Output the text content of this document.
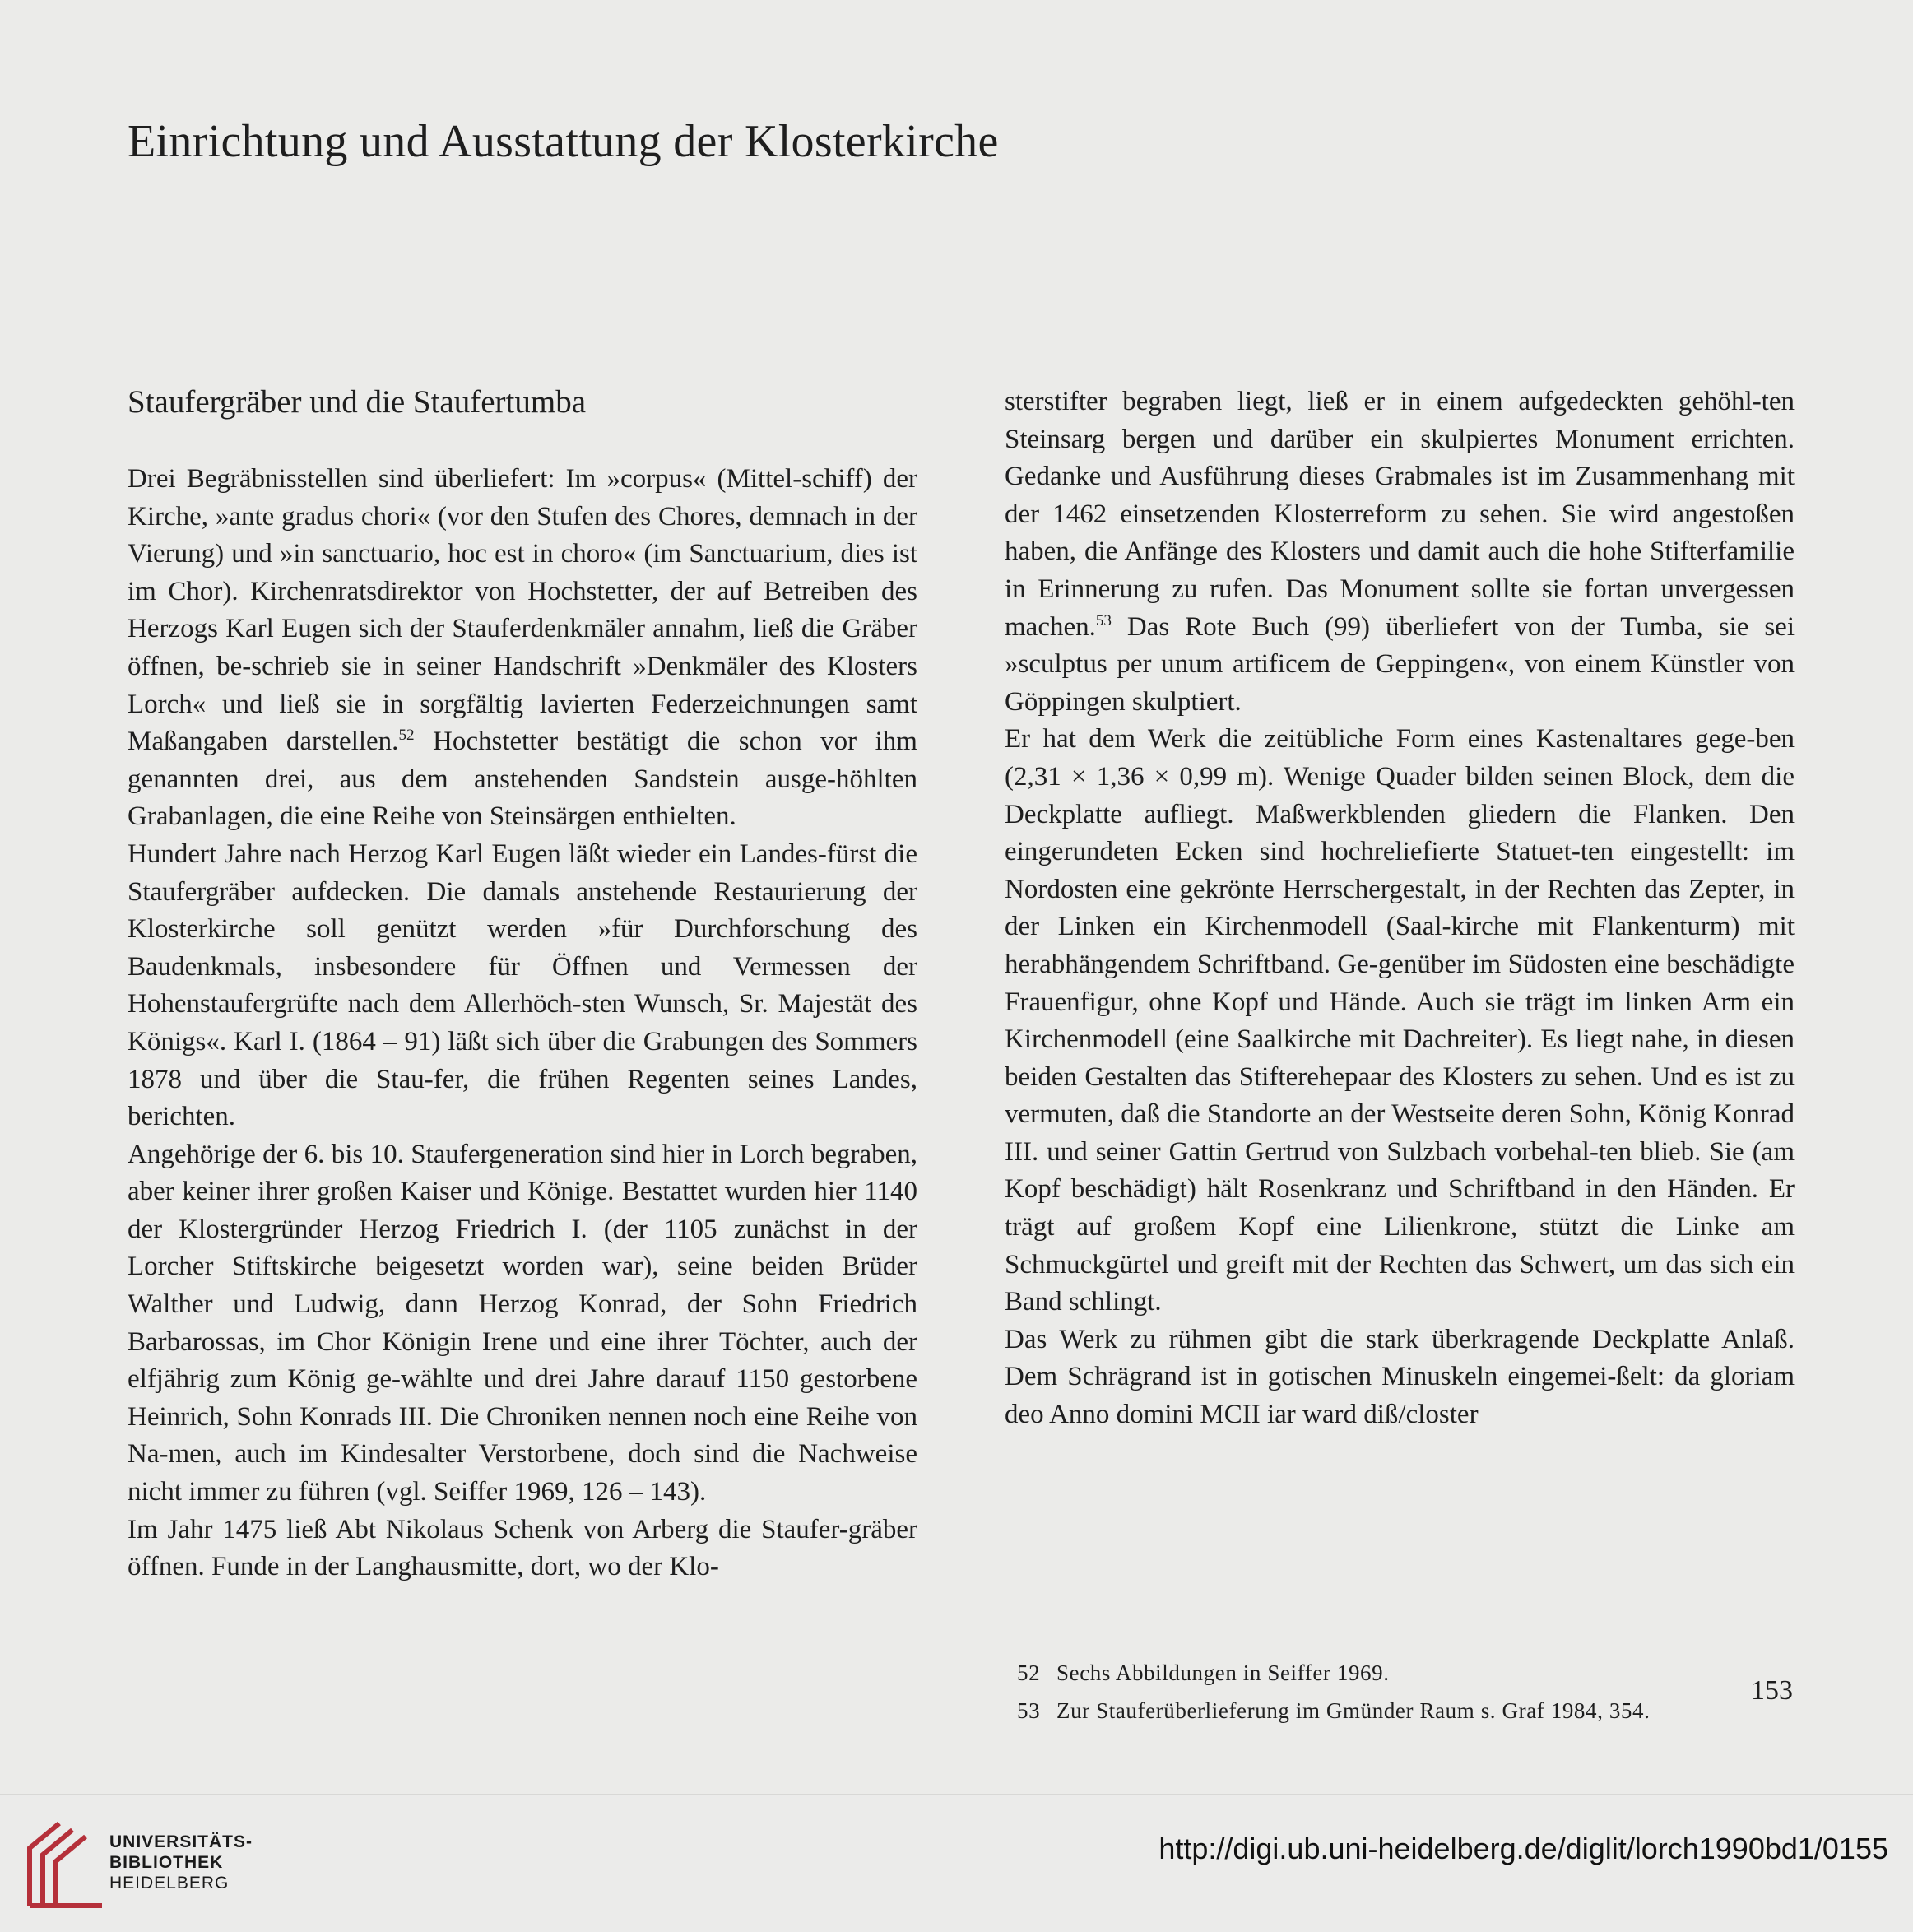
Einrichtung und Ausstattung der Klosterkirche
Staufergräber und die Staufertumba

Drei Begräbnisstellen sind überliefert: Im »corpus« (Mittel-schiff) der Kirche, »ante gradus chori« (vor den Stufen des Chores, demnach in der Vierung) und »in sanctuario, hoc est in choro« (im Sanctuarium, dies ist im Chor). Kirchenratsdirektor von Hochstetter, der auf Betreiben des Herzogs Karl Eugen sich der Stauferdenkmäler annahm, ließ die Gräber öffnen, be-schrieb sie in seiner Handschrift »Denkmäler des Klosters Lorch« und ließ sie in sorgfältig lavierten Federzeichnungen samt Maßangaben darstellen.$^{52}$ Hochstetter bestätigt die schon vor ihm genannten drei, aus dem anstehenden Sandstein ausge-höhlten Grabanlagen, die eine Reihe von Steinsärgen enthielten.

Hundert Jahre nach Herzog Karl Eugen läßt wieder ein Landes-fürst die Staufergräber aufdecken. Die damals anstehende Restaurierung der Klosterkirche soll genützt werden »für Durchforschung des Baudenkmals, insbesondere für Öffnen und Vermessen der Hohenstaufergrüfte nach dem Allerhöch-sten Wunsch, Sr. Majestät des Königs«. Karl I. (1864 – 91) läßt sich über die Grabungen des Sommers 1878 und über die Stau-fer, die frühen Regenten seines Landes, berichten.

Angehörige der 6. bis 10. Staufergeneration sind hier in Lorch begraben, aber keiner ihrer großen Kaiser und Könige. Bestattet wurden hier 1140 der Klostergründer Herzog Friedrich I. (der 1105 zunächst in der Lorcher Stiftskirche beigesetzt worden war), seine beiden Brüder Walther und Ludwig, dann Herzog Konrad, der Sohn Friedrich Barbarossas, im Chor Königin Irene und eine ihrer Töchter, auch der elfjährig zum König ge-wählte und drei Jahre darauf 1150 gestorbene Heinrich, Sohn Konrads III. Die Chroniken nennen noch eine Reihe von Na-men, auch im Kindesalter Verstorbene, doch sind die Nachweise nicht immer zu führen (vgl. Seiffer 1969, 126 – 143).

Im Jahr 1475 ließ Abt Nikolaus Schenk von Arberg die Staufer-gräber öffnen. Funde in der Langhausmitte, dort, wo der Klo-

sterstifter begraben liegt, ließ er in einem aufgedeckten gehöhl-ten Steinsarg bergen und darüber ein skulpiertes Monument errichten. Gedanke und Ausführung dieses Grabmales ist im Zusammenhang mit der 1462 einsetzenden Klosterreform zu sehen. Sie wird angestoßen haben, die Anfänge des Klosters und damit auch die hohe Stifterfamilie in Erinnerung zu rufen. Das Monument sollte sie fortan unvergessen machen.$^{53}$ Das Rote Buch (99) überliefert von der Tumba, sie sei »sculptus per unum artificem de Geppingen«, von einem Künstler von Göppingen skulptiert.

Er hat dem Werk die zeitübliche Form eines Kastenaltares gege-ben (2,31 × 1,36 × 0,99 m). Wenige Quader bilden seinen Block, dem die Deckplatte aufliegt. Maßwerkblenden gliedern die Flanken. Den eingerundeten Ecken sind hochreliefierte Statuet-ten eingestellt: im Nordosten eine gekrönte Herrschergestalt, in der Rechten das Zepter, in der Linken ein Kirchenmodell (Saal-kirche mit Flankenturm) mit herabhängendem Schriftband. Ge-genüber im Südosten eine beschädigte Frauenfigur, ohne Kopf und Hände. Auch sie trägt im linken Arm ein Kirchenmodell (eine Saalkirche mit Dachreiter). Es liegt nahe, in diesen beiden Gestalten das Stifterehepaar des Klosters zu sehen. Und es ist zu vermuten, daß die Standorte an der Westseite deren Sohn, König Konrad III. und seiner Gattin Gertrud von Sulzbach vorbehal-ten blieb. Sie (am Kopf beschädigt) hält Rosenkranz und Schriftband in den Händen. Er trägt auf großem Kopf eine Lilienkrone, stützt die Linke am Schmuckgürtel und greift mit der Rechten das Schwert, um das sich ein Band schlingt.

Das Werk zu rühmen gibt die stark überkragende Deckplatte Anlaß. Dem Schrägrand ist in gotischen Minuskeln eingemei-ßelt: da gloriam deo Anno domini MCII iar ward diß/closter

52 Sechs Abbildungen in Seiffer 1969.
53 Zur Stauferüberlieferung im Gmünder Raum s. Graf 1984, 354.
153
UNIVERSITÄTS-
BIBLIOTHEK
HEIDELBERG
http://digi.ub.uni-heidelberg.de/diglit/lorch1990bd1/0155
